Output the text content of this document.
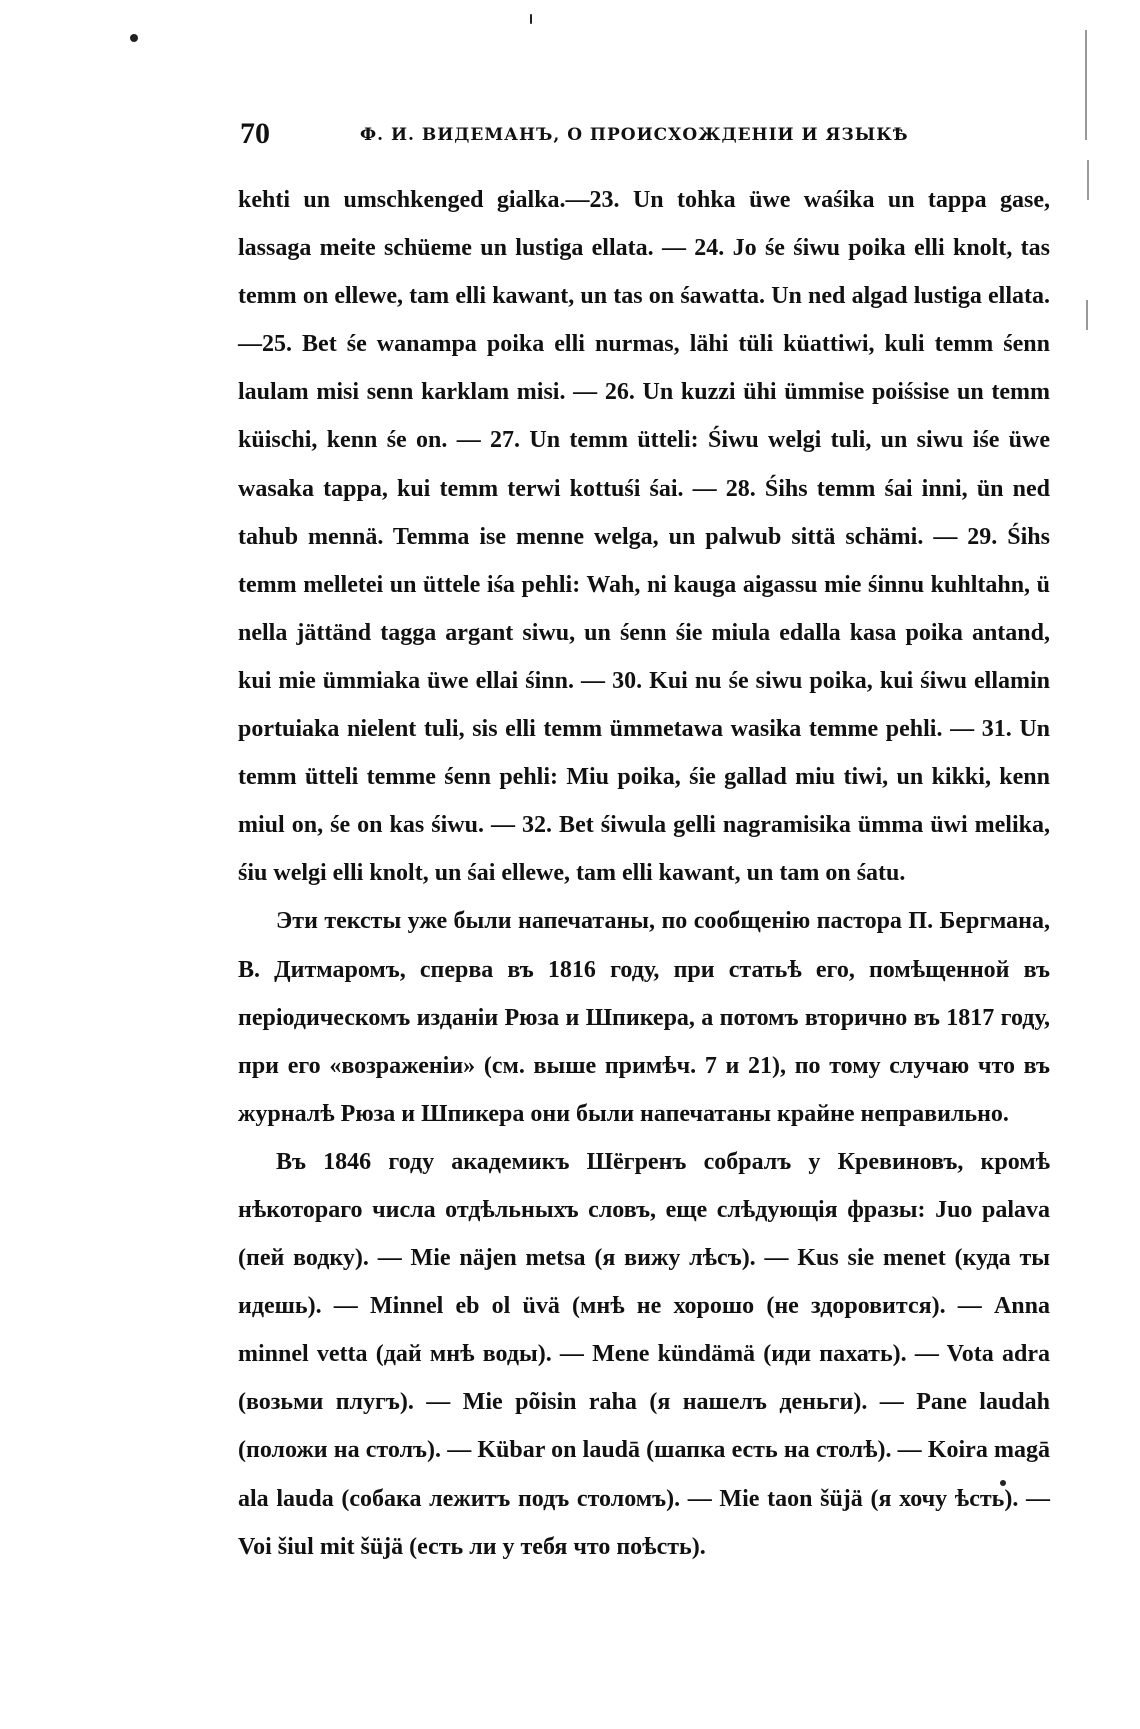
70	Ф. И. ВИДЕМАНЪ, О ПРОИСХОЖДЕНІИ И ЯЗЫКѢ

kehti un umschkenged gialka.—23. Un tohka üwe waśika un tappa gase, lassaga meite schüeme un lustiga ellata. — 24. Jo śe śiwu poika elli knolt, tas temm on ellewe, tam elli kawant, un tas on śawatta. Un ned algad lustiga ellata.—25. Bet śe wanampa poika elli nurmas, lähi tüli küattiwi, kuli temm śenn laulam misi senn karklam misi. — 26. Un kuzzi ühi ümmise poiśsise un temm küischi, kenn śe on. — 27. Un temm ütteli: Śiwu welgi tuli, un siwu iśe üwe wasaka tappa, kui temm terwi kottuśi śai. — 28. Śihs temm śai inni, ün ned tahub mennä. Temma ise menne welga, un palwub sittä schämi. — 29. Śihs temm melletei un üttele iśa pehli: Wah, ni kauga aigassu mie śinnu kuhltahn, ü nella jättänd tagga argant siwu, un śenn śie miula edalla kasa poika antand, kui mie ümmiaka üwe ellai śinn. — 30. Kui nu śe siwu poika, kui śiwu ellamin portuiaka nielent tuli, sis elli temm ümmetawa wasika temme pehli. — 31. Un temm ütteli temme śenn pehli: Miu poika, śie gallad miu tiwi, un kikki, kenn miul on, śe on kas śiwu. — 32. Bet śiwula gelli nagramisika ümma üwi melika, śiu welgi elli knolt, un śai ellewe, tam elli kawant, un tam on śatu.

Эти тексты уже были напечатаны, по сообщенію пастора П. Бергмана, В. Дитмаромъ, сперва въ 1816 году, при статьѣ его, помѣщенной въ періодическомъ изданіи Рюза и Шпикера, а потомъ вторично въ 1817 году, при его «возраженіи» (см. выше примѣч. 7 и 21), по тому случаю что въ журналѣ Рюза и Шпикера они были напечатаны крайне неправильно.

Въ 1846 году академикъ Шёгренъ собралъ у Кревиновъ, кромѣ нѣкотораго числа отдѣльныхъ словъ, еще слѣдующія фразы: Juo palava (пей водку). — Mie näjen metsa (я вижу лѣсъ). — Kus sie menet (куда ты идешь). — Minnel eb ol üvä (мнѣ не хорошо (не здоровится). — Anna minnel vetta (дай мнѣ воды). — Mene kündämä (иди пахать). — Vota adra (возьми плугъ). — Mie põisin raha (я нашелъ деньги). — Pane laudah (положи на столъ). — Kübar on laudā (шапка есть на столѣ). — Koira magā ala lauda (собака лежитъ подъ столомъ). — Mie taon šüjä (я хочу ѣсть). — Voi šiul mit šüjä (есть ли у тебя что поѣсть).
